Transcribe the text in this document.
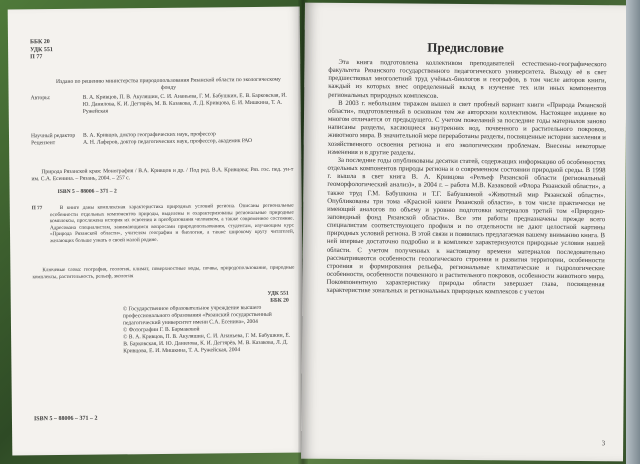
ББК 20
УДК 551
П 77
Издано по решению министерства природопользования Рязанской области по экологическому фонду
Авторы:	В. А. Кривцов, П. В. Акуляшин, С. И. Ананьева, Г. М. Бабушкин, Е. В. Барковская, И. Ю. Данилова, К. И. Дегтярёв, М. В. Казакова, Л. Д. Кривцова, Е. И. Мишкина, Т. А. Ружейская
Научный редактор	В. А. Кривцов, доктор географических наук, профессор
Рецензент	А. Н. Лаферов, доктор педагогических наук, профессор, академик РАО
Природа Рязанской края: Монография / В.А. Кривцов и др. / Под ред. В.А. Кривцова; Ряз. гос. пед. ун-т им. С.А. Есенина. – Рязань, 2004. – 257 с.
ISBN 5 – 88006 – 371 – 2
П 77	В книге даны комплексная характеристика природных условий региона. Описаны региональные особенности отдельных компонентов природы, выделены и охарактеризованы региональные природные комплексы, прослежена история их освоения и преобразования человеком, а также современное состояние. Адресована специалистам, занимающимся вопросами природопользования, студентам, изучающим курс «Природа Рязанской области», учителям географии и биологии, а также широкому кругу читателей, желающих больше узнать о своей малой родине.
Ключевые слова: география, геология, климат, поверхностные воды, почвы, природопользование, природные комплексы, растительность, рельеф, экология
УДК 551
ББК 20
© Государственное образовательное учреждение высшего профессионального образования «Рязанский государственный педагогический университет имени С.А. Есенина», 2004
© Фотографии Г. В. Бармаковой
© В. А. Кривцов, П. В. Акуляшин, С. И. Ананьева, Г. М. Бабушкин, Е. В. Барковская, И. Ю. Данилова, К. И. Дегтярёв, М. В. Казакова, Л. Д. Кривцова, Е. И. Мишкина, Т. А. Ружейская, 2004
ISBN 5 – 88006 – 371 – 2
Предисловие

Эта книга подготовлена коллективом преподавателей естественно-географического факультета Рязанского государственного педагогического университета. Выходу её в свет предшествовал многолетний труд учёных-биологов и географов, в том числе авторов книги, каждый из которых внес определенный вклад в изучение тех или иных компонентов региональных природных комплексов.

В 2003 г. небольшим тиражом вышел в свет пробный вариант книги «Природа Рязанской области», подготовленный в основном тем же авторским коллективом. Настоящее издание во многом отличается от предыдущего. С учетом пожеланий за последние годы материалов заново написаны разделы, касающиеся внутренних вод, почвенного и растительного покровов, животного мира. В значительной мере переработаны разделы, посвященные истории заселения и хозяйственного освоения региона и его экологическим проблемам. Внесены некоторые изменения и в другие разделы.

За последние годы опубликованы десятки статей, содержащих информацию об особенностях отдельных компонентов природы региона и о современном состоянии природной среды. В 1998 г. вышла в свет книга В. А. Кривцова «Рельеф Рязанской области (региональный геоморфологический анализ)», в 2004 г. – работа М.В. Казаковой «Флора Рязанской области», а также труд Г.М. Бабушкина и Т.Г. Бабушкиной «Животный мир Рязанской области». Опубликованы три тома «Красной книги Рязанской области», в том числе практически не имеющий аналогов по объему и уровню подготовки материалов третий том «Природно-заповедный фонд Рязанской области». Все эти работы предназначены прежде всего специалистам соответствующего профиля и по отдельности не дают целостной картины природных условий региона. В этой связи и появилась предлагаемая вашему вниманию книга. В ней впервые достаточно подробно и в комплексе характеризуются природные условия нашей области. С учетом полученных к настоящему времени материалов последовательно рассматриваются особенности геологического строения и развития территории, особенности строения и формирования рельефа, региональные климатические и гидрологические особенности, особенности почвенного и растительного покровов, особенности животного мира. Покомпонентную характеристику природы области завершает глава, посвященная характеристике зональных и региональных природных комплексов с учетом

3
